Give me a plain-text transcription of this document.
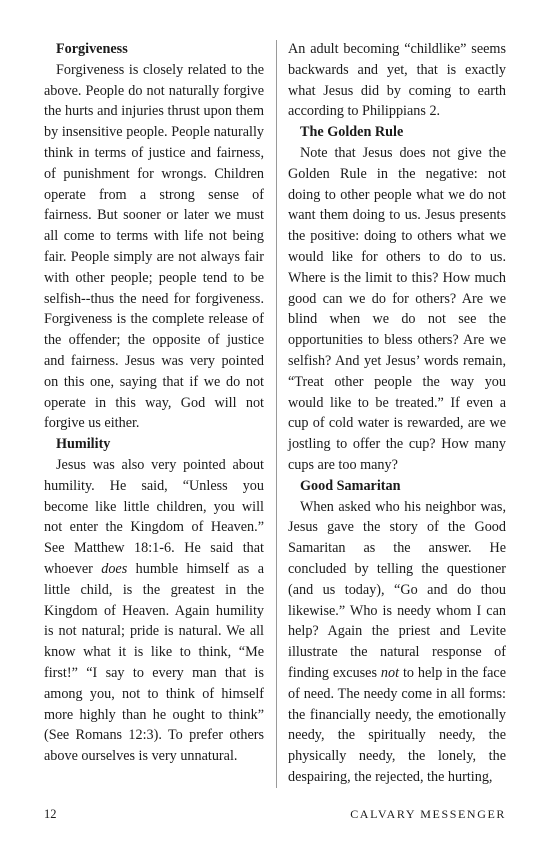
Forgiveness

Forgiveness is closely related to the above. People do not naturally forgive the hurts and injuries thrust upon them by insensitive people. People naturally think in terms of justice and fairness, of punishment for wrongs. Children operate from a strong sense of fairness. But sooner or later we must all come to terms with life not being fair. People simply are not always fair with other people; people tend to be selfish--thus the need for forgiveness. Forgiveness is the complete release of the offender; the opposite of justice and fairness. Jesus was very pointed on this one, saying that if we do not operate in this way, God will not forgive us either.

Humility

Jesus was also very pointed about humility. He said, “Unless you become like little children, you will not enter the Kingdom of Heaven.” See Matthew 18:1-6. He said that whoever does humble himself as a little child, is the greatest in the Kingdom of Heaven. Again humility is not natural; pride is natural. We all know what it is like to think, “Me first!” “I say to every man that is among you, not to think of himself more highly than he ought to think” (See Romans 12:3). To prefer others above ourselves is very unnatural.

An adult becoming “childlike” seems backwards and yet, that is exactly what Jesus did by coming to earth according to Philippians 2.

The Golden Rule

Note that Jesus does not give the Golden Rule in the negative: not doing to other people what we do not want them doing to us. Jesus presents the positive: doing to others what we would like for others to do to us. Where is the limit to this? How much good can we do for others? Are we blind when we do not see the opportunities to bless others? Are we selfish? And yet Jesus’ words remain, “Treat other people the way you would like to be treated.” If even a cup of cold water is rewarded, are we jostling to offer the cup? How many cups are too many?

Good Samaritan

When asked who his neighbor was, Jesus gave the story of the Good Samaritan as the answer. He concluded by telling the questioner (and us today), “Go and do thou likewise.” Who is needy whom I can help? Again the priest and Levite illustrate the natural response of finding excuses not to help in the face of need. The needy come in all forms: the financially needy, the emotionally needy, the spiritually needy, the physically needy, the lonely, the despairing, the rejected, the hurting,

12	CALVARY MESSENGER
